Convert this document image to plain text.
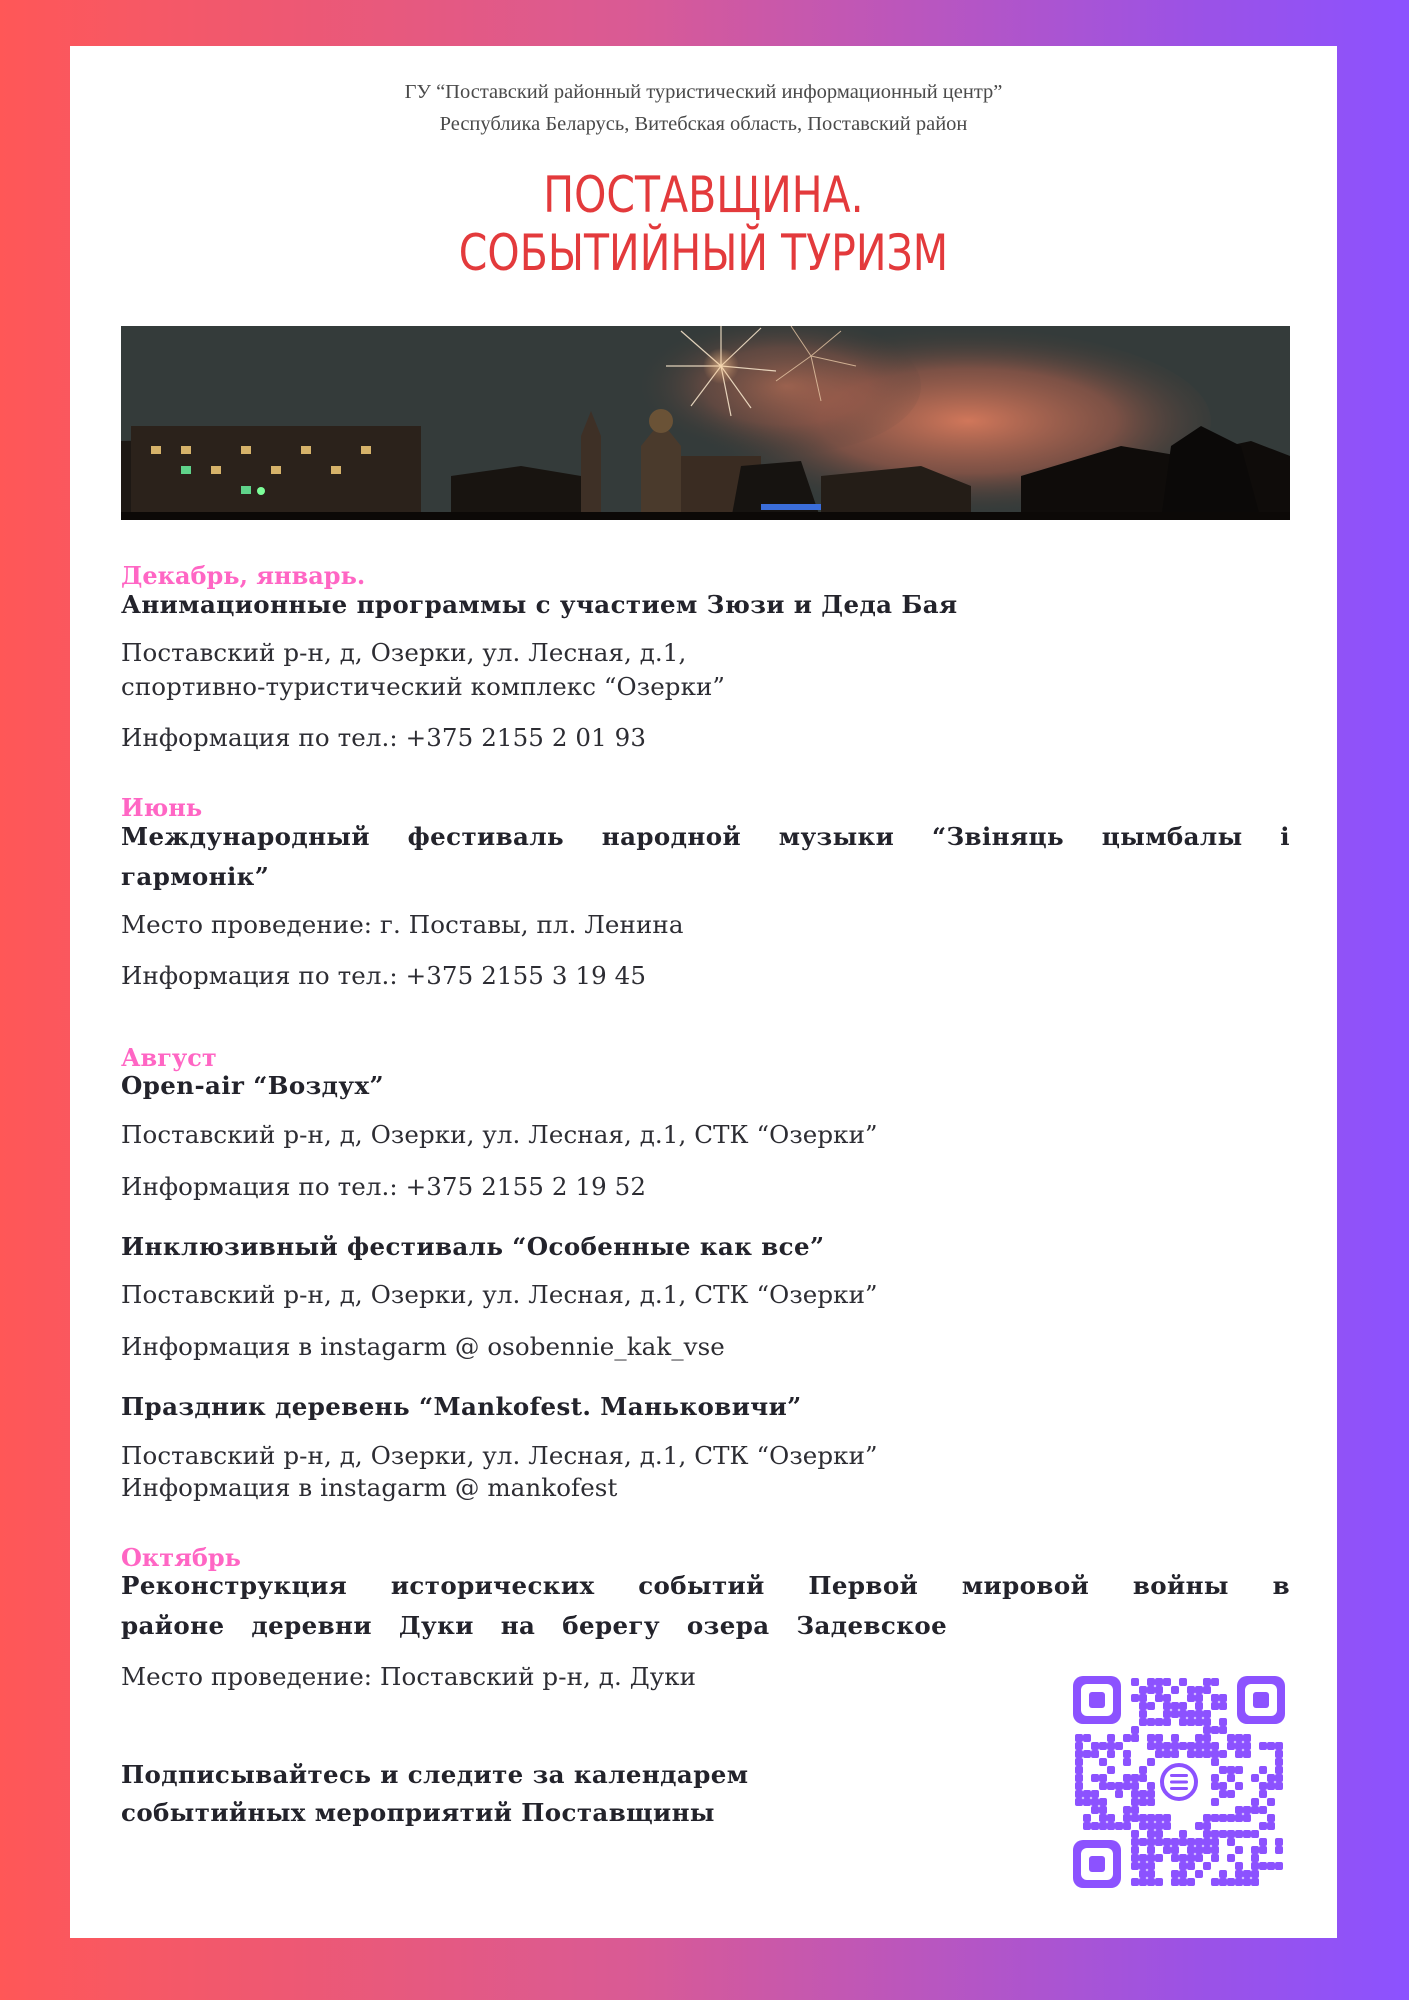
ГУ “Поставский районный туристический информационный центр”
Республика Беларусь, Витебская область, Поставский район
ПОСТАВЩИНА.
СОБЫТИЙНЫЙ ТУРИЗМ
Декабрь, январь.
Анимационные программы с участием Зюзи и Деда Бая
Поставский р-н, д, Озерки, ул. Лесная, д.1,
спортивно-туристический комплекс “Озерки”
Информация по тел.: +375 2155 2 01 93
Июнь
Международный фестиваль народной музыки “Звіняць цымбалы і гармонік”
Место проведение: г. Поставы, пл. Ленина
Информация по тел.: +375 2155 3 19 45
Август
Open-air “Воздух”
Поставский р-н, д, Озерки, ул. Лесная, д.1, СТК “Озерки”
Информация по тел.: +375 2155 2 19 52
Инклюзивный фестиваль “Особенные как все”
Поставский р-н, д, Озерки, ул. Лесная, д.1, СТК “Озерки”
Информация в instagarm @ osobennie_kak_vse
Праздник деревень “Mankofest. Маньковичи”
Поставский р-н, д, Озерки, ул. Лесная, д.1, СТК “Озерки”
Информация в instagarm @ mankofest
Октябрь
Реконструкция исторических событий Первой мировой войны в районе деревни Дуки на берегу озера Задевское
Место проведение: Поставский р-н, д. Дуки
Подписывайтесь и следите за календарем
событийных мероприятий Поставщины
